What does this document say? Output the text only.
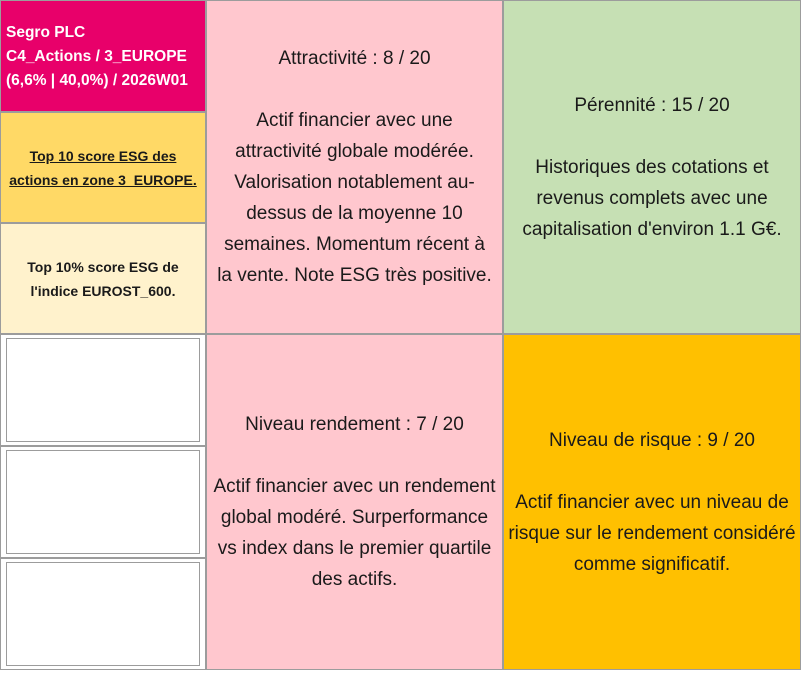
Segro PLC
C4_Actions / 3_EUROPE
(6,6% | 40,0%) / 2026W01
Top 10 score ESG des actions en zone 3_EUROPE.
Top 10% score ESG de l'indice EUROST_600.
Attractivité : 8 / 20
Actif financier avec une attractivité globale modérée. Valorisation notablement au-dessus de la moyenne 10 semaines. Momentum récent à la vente. Note ESG très positive.
Pérennité : 15 / 20
Historiques des cotations et revenus complets avec une capitalisation d'environ 1.1 G€.
Niveau rendement : 7 / 20
Actif financier avec un rendement global modéré. Surperformance vs index dans le premier quartile des actifs.
Niveau de risque : 9 / 20
Actif financier avec un niveau de risque sur le rendement considéré comme significatif.
